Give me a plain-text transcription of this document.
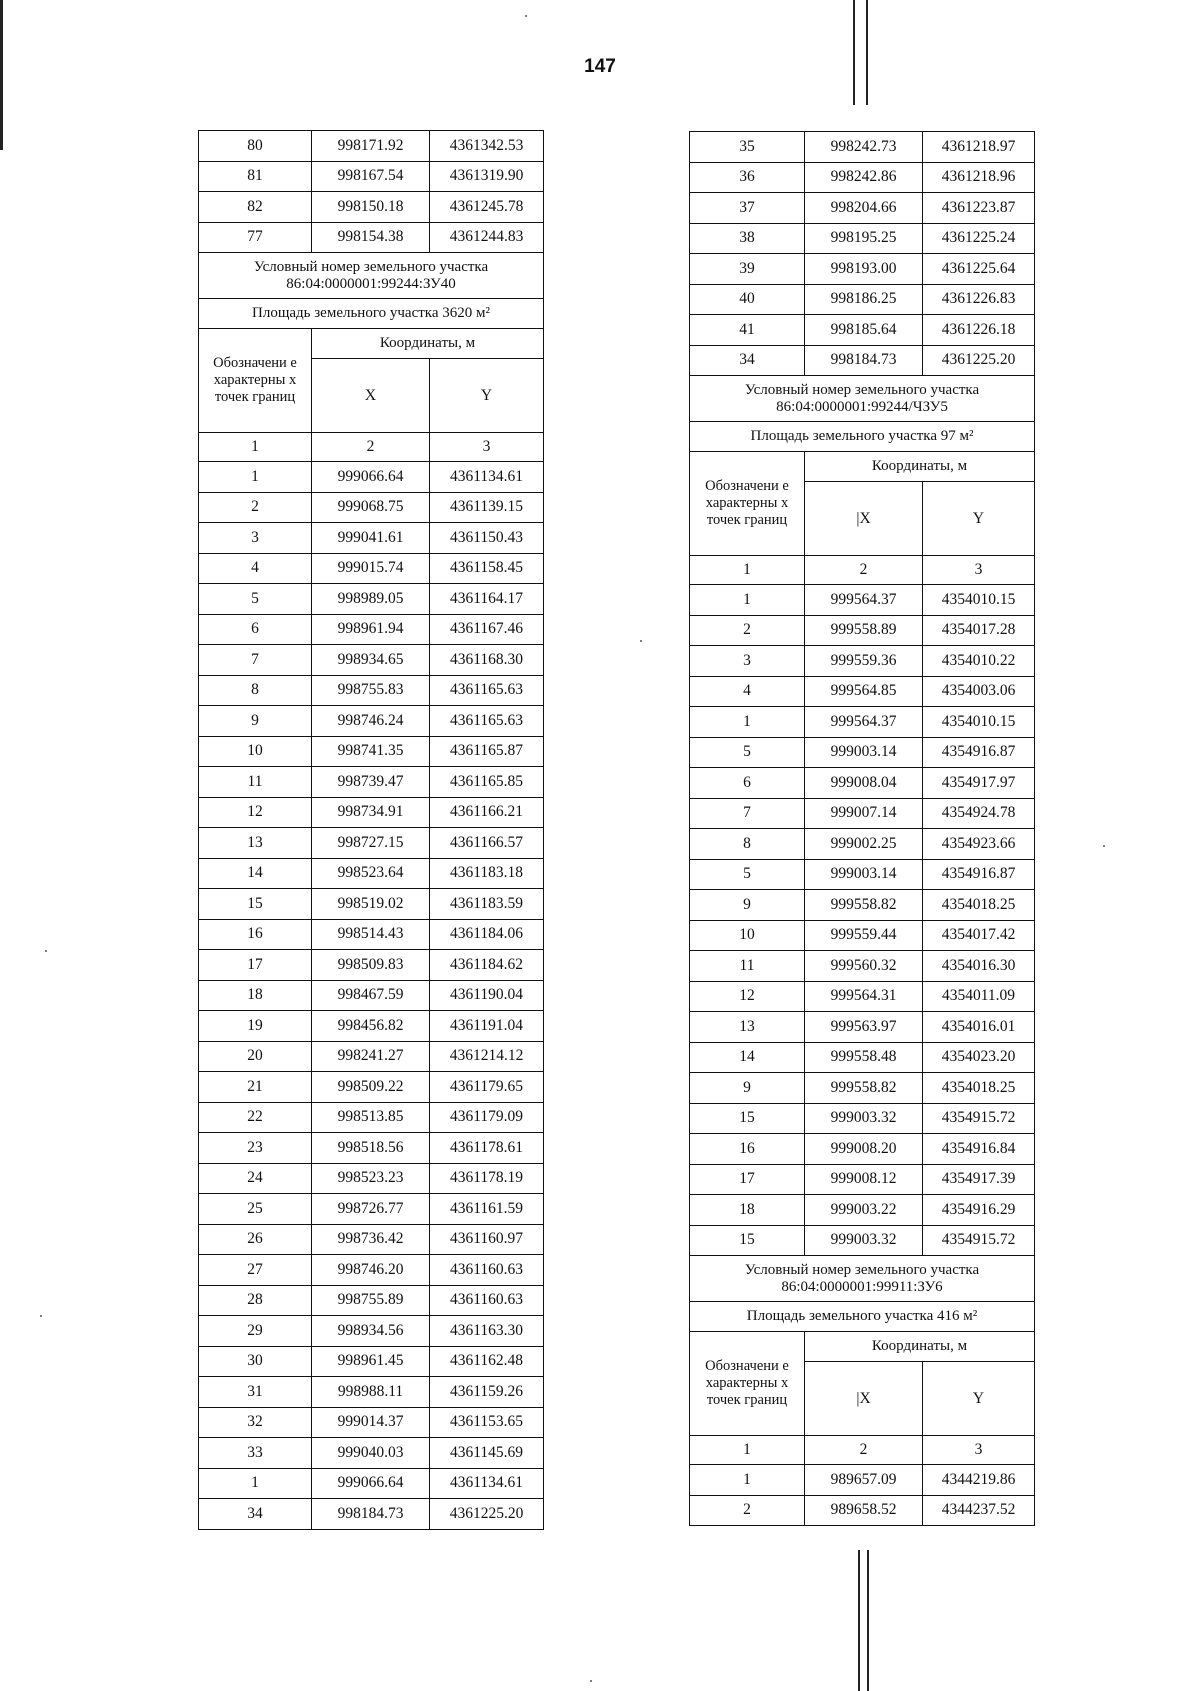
147
80	998171.92	4361342.53
81	998167.54	4361319.90
82	998150.18	4361245.78
77	998154.38	4361244.83

Условный номер земельного участка
86:04:0000001:99244:ЗУ40		

Площадь земельного участка 3620 м²		
Обозначени е характерны х точек границ	Координаты, м	
	X	Y
1	2	3
1	999066.64	4361134.61
2	999068.75	4361139.15
3	999041.61	4361150.43
4	999015.74	4361158.45
5	998989.05	4361164.17
6	998961.94	4361167.46
7	998934.65	4361168.30
8	998755.83	4361165.63
9	998746.24	4361165.63
10	998741.35	4361165.87
11	998739.47	4361165.85
12	998734.91	4361166.21
13	998727.15	4361166.57
14	998523.64	4361183.18
15	998519.02	4361183.59
16	998514.43	4361184.06
17	998509.83	4361184.62
18	998467.59	4361190.04
19	998456.82	4361191.04
20	998241.27	4361214.12
21	998509.22	4361179.65
22	998513.85	4361179.09
23	998518.56	4361178.61
24	998523.23	4361178.19
25	998726.77	4361161.59
26	998736.42	4361160.97
27	998746.20	4361160.63
28	998755.89	4361160.63
29	998934.56	4361163.30
30	998961.45	4361162.48
31	998988.11	4361159.26
32	999014.37	4361153.65
33	999040.03	4361145.69
1	999066.64	4361134.61
34	998184.73	4361225.20
35	998242.73	4361218.97
36	998242.86	4361218.96
37	998204.66	4361223.87
38	998195.25	4361225.24
39	998193.00	4361225.64
40	998186.25	4361226.83
41	998185.64	4361226.18
34	998184.73	4361225.20

Условный номер земельного участка
86:04:0000001:99244/ЧЗУ5		

Площадь земельного участка 97 м²		
Обозначени е характерны х точек границ	Координаты, м	
	|X	Y
1	2	3
1	999564.37	4354010.15
2	999558.89	4354017.28
3	999559.36	4354010.22
4	999564.85	4354003.06
1	999564.37	4354010.15
5	999003.14	4354916.87
6	999008.04	4354917.97
7	999007.14	4354924.78
8	999002.25	4354923.66
5	999003.14	4354916.87
9	999558.82	4354018.25
10	999559.44	4354017.42
11	999560.32	4354016.30
12	999564.31	4354011.09
13	999563.97	4354016.01
14	999558.48	4354023.20
9	999558.82	4354018.25
15	999003.32	4354915.72
16	999008.20	4354916.84
17	999008.12	4354917.39
18	999003.22	4354916.29
15	999003.32	4354915.72

Условный номер земельного участка
86:04:0000001:99911:ЗУ6		

Площадь земельного участка 416 м²		
Обозначени е характерны х точек границ	Координаты, м	
	|X	Y
1	2	3
1	989657.09	4344219.86
2	989658.52	4344237.52
